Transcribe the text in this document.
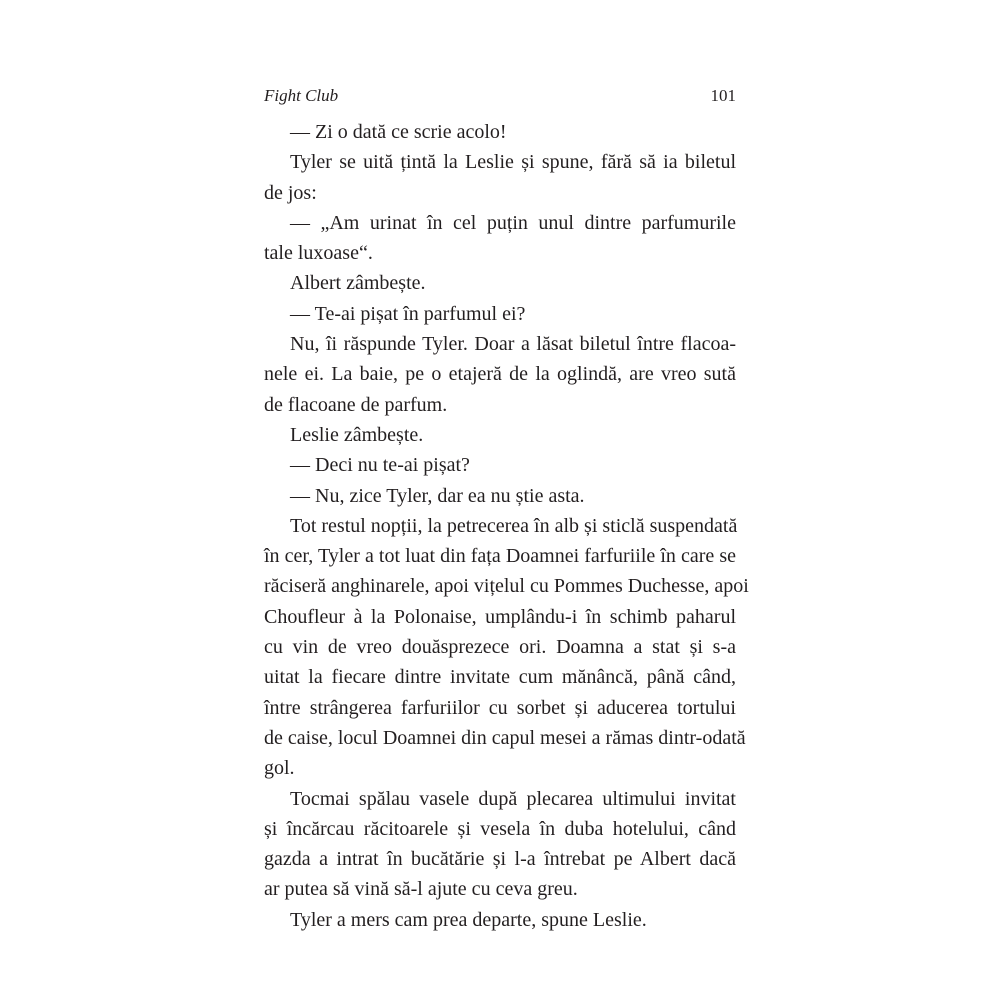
Fight Club	101
— Zi o dată ce scrie acolo!
Tyler se uită țintă la Leslie și spune, fără să ia biletul
de jos:
— „Am urinat în cel puțin unul dintre parfumurile
tale luxoase“.
Albert zâmbește.
— Te-ai pișat în parfumul ei?
Nu, îi răspunde Tyler. Doar a lăsat biletul între flacoa-
nele ei. La baie, pe o etajeră de la oglindă, are vreo sută
de flacoane de parfum.
Leslie zâmbește.
— Deci nu te-ai pișat?
— Nu, zice Tyler, dar ea nu știe asta.
Tot restul nopții, la petrecerea în alb și sticlă suspendată
în cer, Tyler a tot luat din fața Doamnei farfuriile în care se
răciseră anghinarele, apoi vițelul cu Pommes Duchesse, apoi
Choufleur à la Polonaise, umplându-i în schimb paharul
cu vin de vreo douăsprezece ori. Doamna a stat și s-a
uitat la fiecare dintre invitate cum mănâncă, până când,
între strângerea farfuriilor cu sorbet și aducerea tortului
de caise, locul Doamnei din capul mesei a rămas dintr-odată
gol.
Tocmai spălau vasele după plecarea ultimului invitat
și încărcau răcitoarele și vesela în duba hotelului, când
gazda a intrat în bucătărie și l-a întrebat pe Albert dacă
ar putea să vină să-l ajute cu ceva greu.
Tyler a mers cam prea departe, spune Leslie.
